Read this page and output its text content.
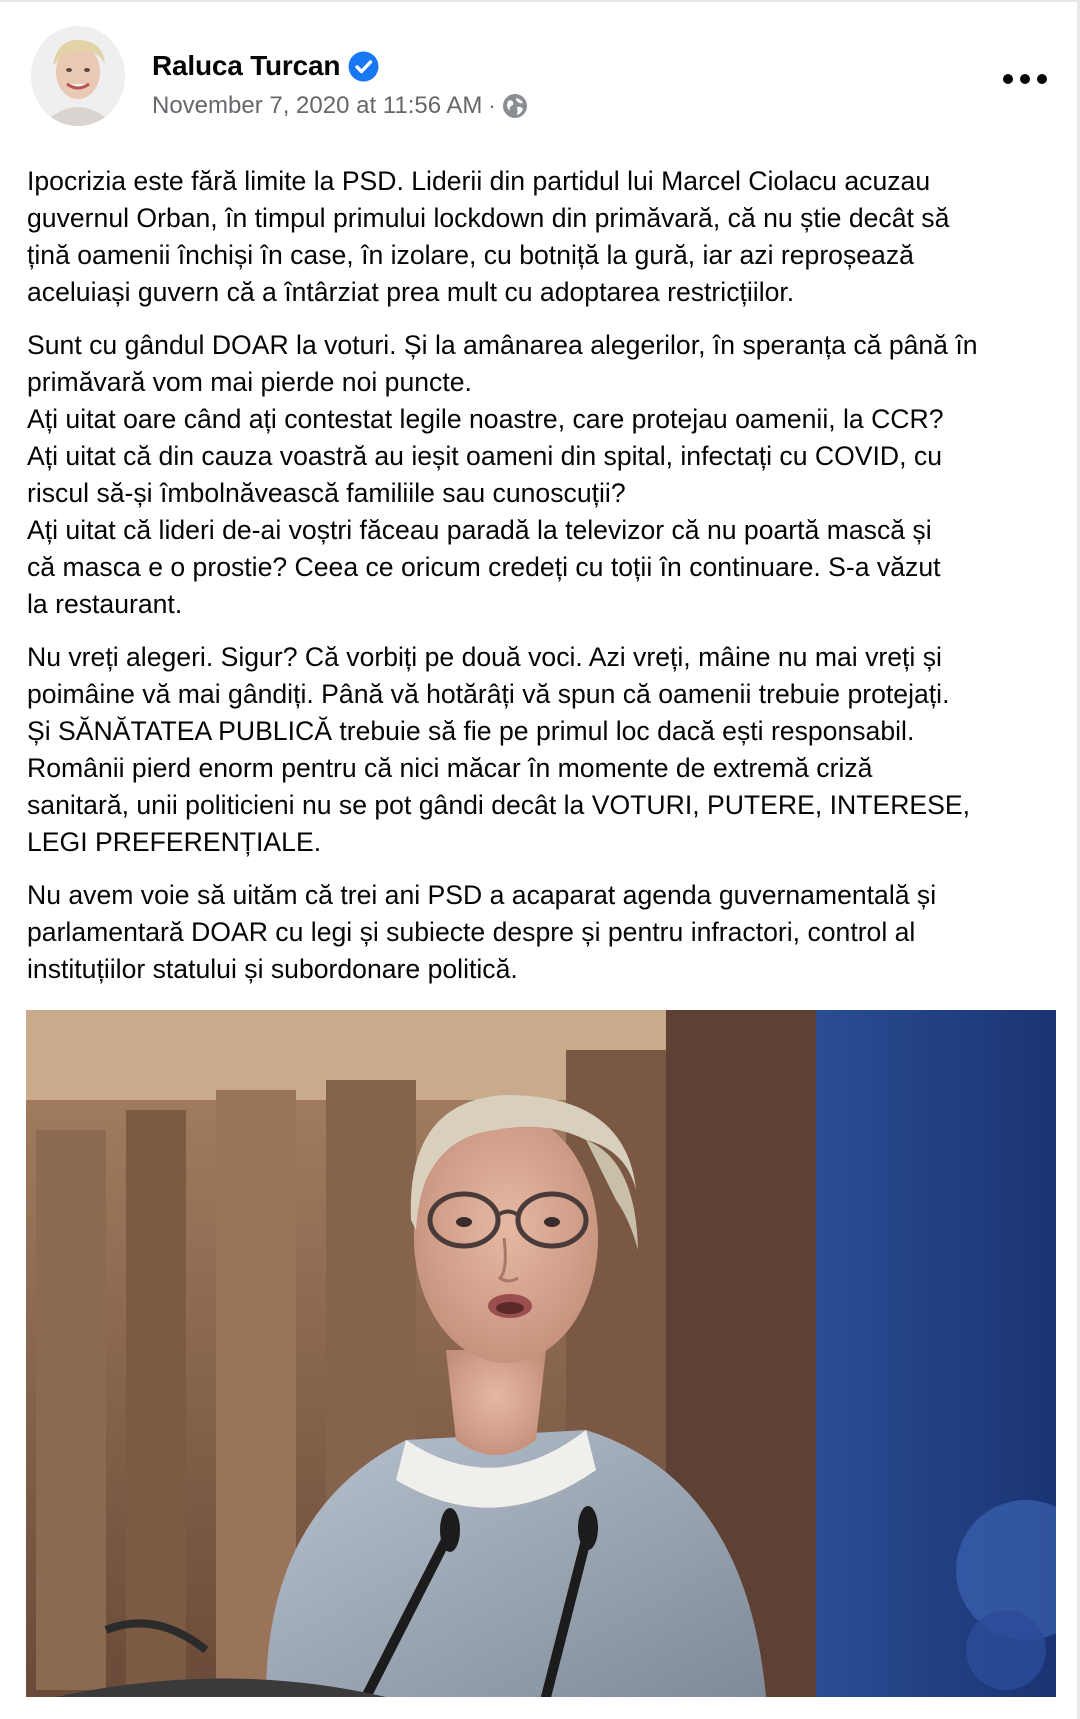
Raluca Turcan
November 7, 2020 at 11:56 AM ·

Ipocrizia este fără limite la PSD. Liderii din partidul lui Marcel Ciolacu acuzau
guvernul Orban, în timpul primului lockdown din primăvară, că nu știe decât să
țină oamenii închiși în case, în izolare, cu botniță la gură, iar azi reproșează
aceluiași guvern că a întârziat prea mult cu adoptarea restricțiilor.

Sunt cu gândul DOAR la voturi. Și la amânarea alegerilor, în speranța că până în
primăvară vom mai pierde noi puncte.
Ați uitat oare când ați contestat legile noastre, care protejau oamenii, la CCR?
Ați uitat că din cauza voastră au ieșit oameni din spital, infectați cu COVID, cu
riscul să-și îmbolnăvească familiile sau cunoscuții?
Ați uitat că lideri de-ai voștri făceau paradă la televizor că nu poartă mască și
că masca e o prostie? Ceea ce oricum credeți cu toții în continuare. S-a văzut
la restaurant.

Nu vreți alegeri. Sigur? Că vorbiți pe două voci. Azi vreți, mâine nu mai vreți și
poimâine vă mai gândiți. Până vă hotărâți vă spun că oamenii trebuie protejați.
Și SĂNĂTATEA PUBLICĂ trebuie să fie pe primul loc dacă ești responsabil.
Românii pierd enorm pentru că nici măcar în momente de extremă criză
sanitară, unii politicieni nu se pot gândi decât la VOTURI, PUTERE, INTERESE,
LEGI PREFERENȚIALE.

Nu avem voie să uităm că trei ani PSD a acaparat agenda guvernamentală și
parlamentară DOAR cu legi și subiecte despre și pentru infractori, control al
instituțiilor statului și subordonare politică.
